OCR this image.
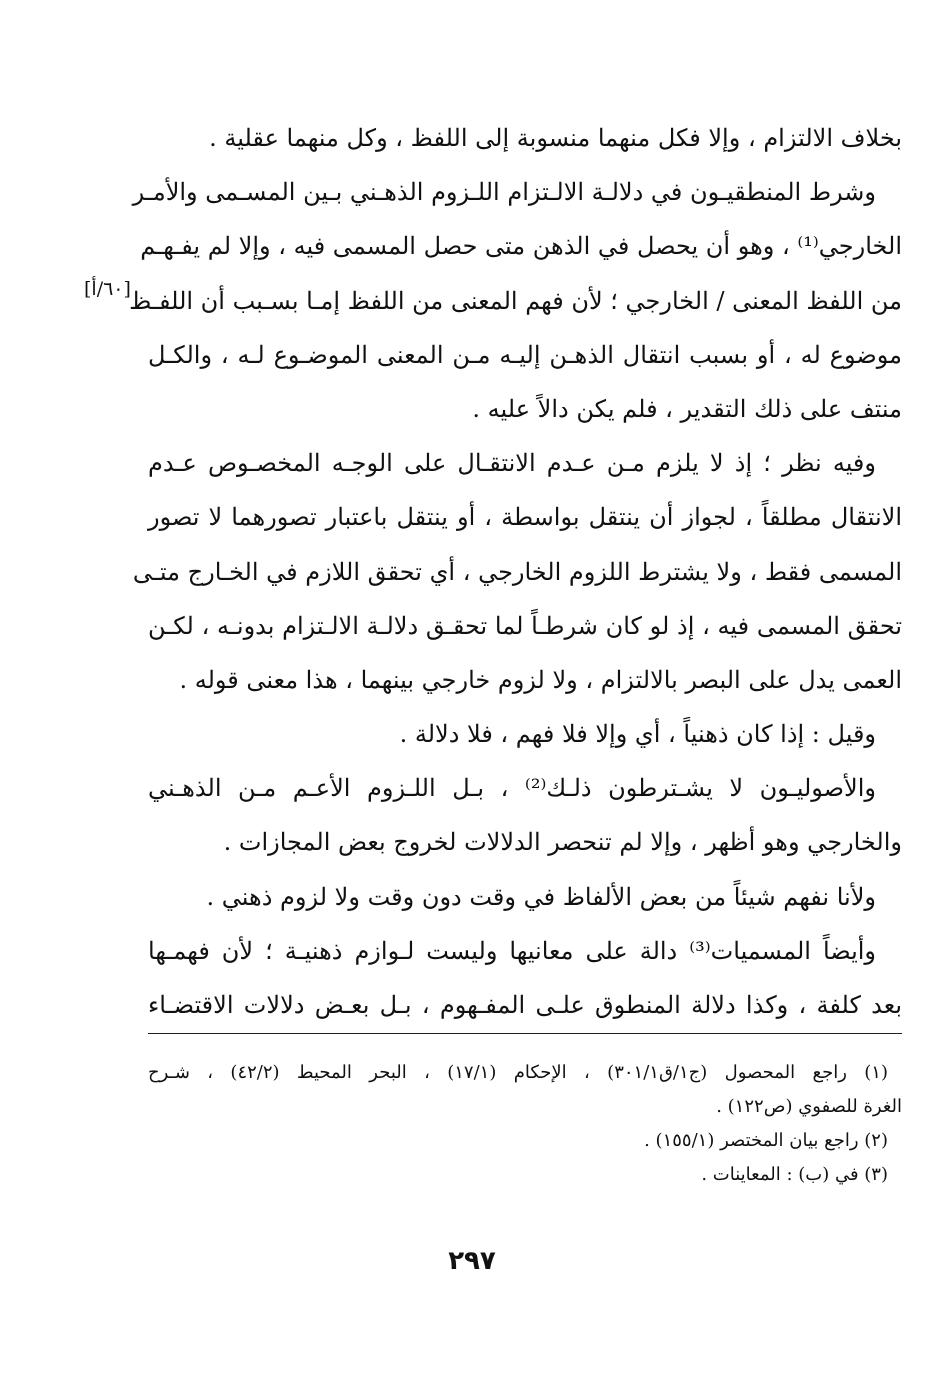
بخلاف الالتزام ، وإلا فكل منهما منسوبة إلى اللفظ ، وكل منهما عقلية .
وشرط المنطقيـون في دلالـة الالـتزام اللـزوم الذهـني بـين المسـمى والأمـر
الخارجي⁽¹⁾ ، وهو أن يحصل في الذهن متى حصل المسمى فيه ، وإلا لم يفـهـم
من اللفظ المعنى / الخارجي ؛ لأن فهم المعنى من اللفظ إمـا بسـبب أن اللفـظ
موضوع له ، أو بسبب انتقال الذهـن إليـه مـن المعنى الموضـوع لـه ، والكـل
منتف على ذلك التقدير ، فلم يكن دالاً عليه .
وفيه نظر ؛ إذ لا يلزم مـن عـدم الانتقـال على الوجـه المخصـوص عـدم
الانتقال مطلقاً ، لجواز أن ينتقل بواسطة ، أو ينتقل باعتبار تصورهما لا تصور
المسمى فقط ، ولا يشترط اللزوم الخارجي ، أي تحقق اللازم في الخـارج متـى
تحقق المسمى فيه ، إذ لو كان شرطـاً لما تحقـق دلالـة الالـتزام بدونـه ، لكـن
العمى يدل على البصر بالالتزام ، ولا لزوم خارجي بينهما ، هذا معنى قوله .
وقيل : إذا كان ذهنياً ، أي وإلا فلا فهم ، فلا دلالة .
والأصوليـون لا يشـترطون ذلـك⁽²⁾ ، بـل اللـزوم الأعـم مـن الذهـني
والخارجي وهو أظهر ، وإلا لم تنحصر الدلالات لخروج بعض المجازات .
ولأنا نفهم شيئاً من بعض الألفاظ في وقت دون وقت ولا لزوم ذهني .
وأيضاً المسميات⁽³⁾ دالة على معانيها وليست لـوازم ذهنيـة ؛ لأن فهمـها
بعد كلفة ، وكذا دلالة المنطوق علـى المفـهوم ، بـل بعـض دلالات الاقتضـاء
[٦٠/أ]
(١) راجع المحصول (ج١/ق٣٠١/١) ، الإحكام (١٧/١) ، البحر المحيط (٤٢/٢) ، شـرح
الغرة للصفوي (ص١٢٢) .
(٢) راجع بيان المختصر (١٥٥/١) .
(٣) في (ب) : المعاينات .
٢٩٧
